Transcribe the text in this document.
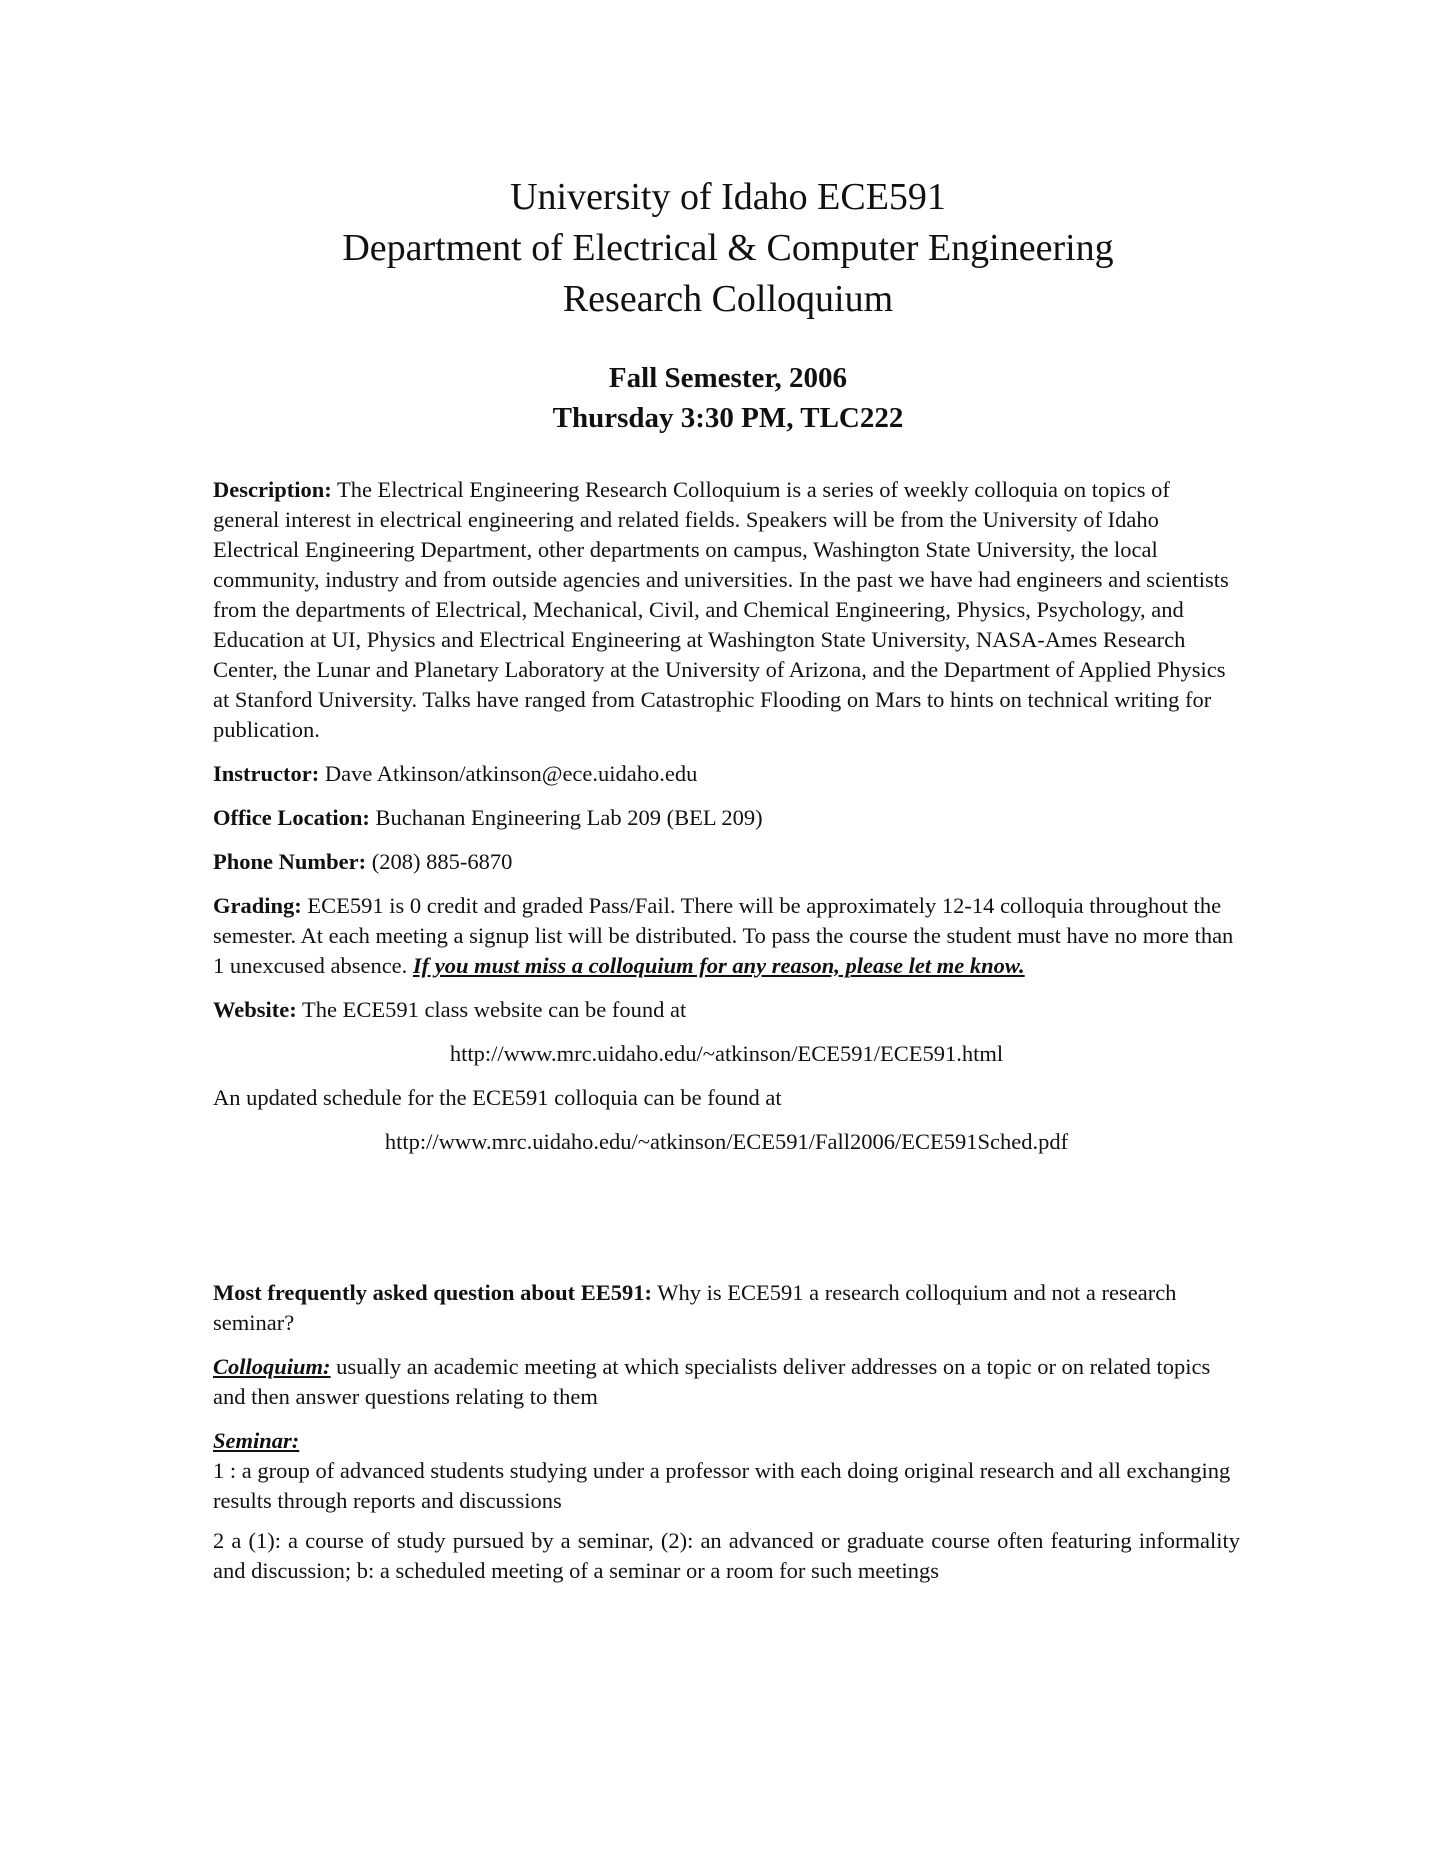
University of Idaho ECE591
Department of Electrical & Computer Engineering
Research Colloquium
Fall Semester, 2006
Thursday 3:30 PM, TLC222

Description: The Electrical Engineering Research Colloquium is a series of weekly colloquia on topics of general interest in electrical engineering and related fields. Speakers will be from the University of Idaho Electrical Engineering Department, other departments on campus, Washington State University, the local community, industry and from outside agencies and universities. In the past we have had engineers and scientists from the departments of Electrical, Mechanical, Civil, and Chemical Engineering, Physics, Psychology, and Education at UI, Physics and Electrical Engineering at Washington State University, NASA-Ames Research Center, the Lunar and Planetary Laboratory at the University of Arizona, and the Department of Applied Physics at Stanford University. Talks have ranged from Catastrophic Flooding on Mars to hints on technical writing for publication.

Instructor: Dave Atkinson/atkinson@ece.uidaho.edu

Office Location: Buchanan Engineering Lab 209 (BEL 209)

Phone Number: (208) 885-6870

Grading: ECE591 is 0 credit and graded Pass/Fail. There will be approximately 12-14 colloquia throughout the semester. At each meeting a signup list will be distributed. To pass the course the student must have no more than 1 unexcused absence. If you must miss a colloquium for any reason, please let me know.

Website: The ECE591 class website can be found at

http://www.mrc.uidaho.edu/~atkinson/ECE591/ECE591.html

An updated schedule for the ECE591 colloquia can be found at

http://www.mrc.uidaho.edu/~atkinson/ECE591/Fall2006/ECE591Sched.pdf

Most frequently asked question about EE591: Why is ECE591 a research colloquium and not a research seminar?

Colloquium: usually an academic meeting at which specialists deliver addresses on a topic or on related topics and then answer questions relating to them

Seminar:
1 : a group of advanced students studying under a professor with each doing original research and all exchanging results through reports and discussions

2 a (1): a course of study pursued by a seminar, (2): an advanced or graduate course often featuring informality and discussion; b: a scheduled meeting of a seminar or a room for such meetings
